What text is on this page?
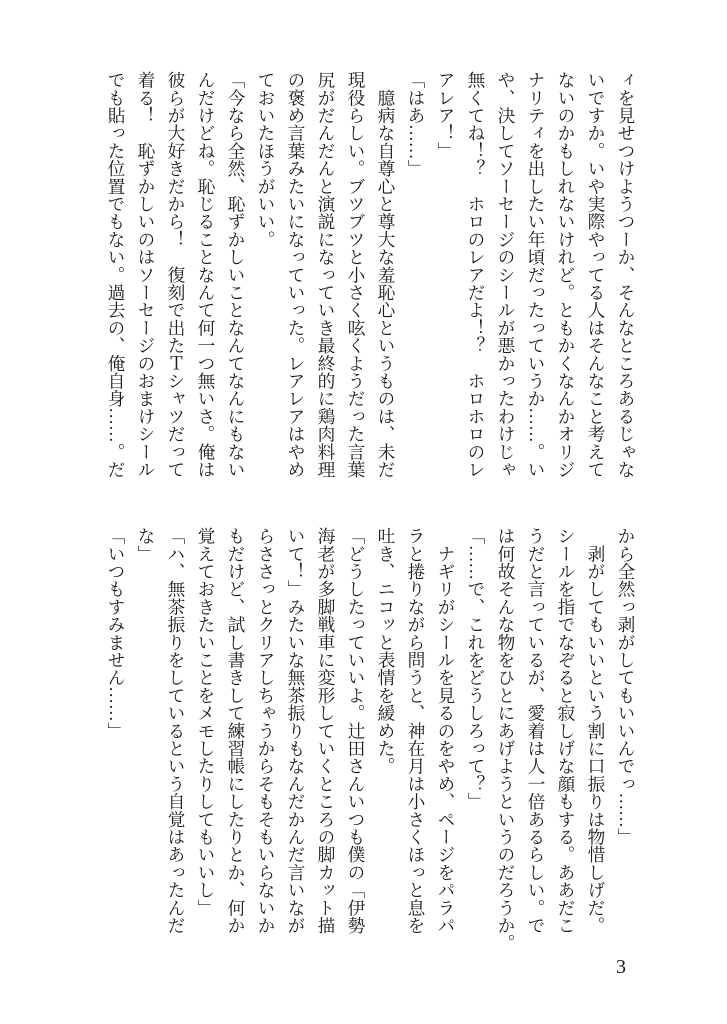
ィを見せつけようつーか、そんなところあるじゃな
いですか。いや実際やってる人はそんなこと考えて
ないのかもしれないけれど。ともかくなんかオリジ
ナリティを出したい年頃だったっていうか……。い
や、決してソーセージのシールが悪かったわけじゃ
無くてね！？　ホロのレアだよ！？　ホロホロのレ
アレア！」
「はあ……」
　臆病な自尊心と尊大な羞恥心というものは、未だ
現役らしい。ブツブツと小さく呟くようだった言葉
尻がだんだんと演説になっていき最終的に鶏肉料理
の褒め言葉みたいになっていった。レアレアはやめ
ておいたほうがいい。
「今なら全然、恥ずかしいことなんてなんにもない
んだけどね。恥じることなんて何一つ無いさ。俺は
彼らが大好きだから！　復刻で出たＴシャツだって
着る！　恥ずかしいのはソーセージのおまけシール
でも貼った位置でもない。過去の、俺自身……。だ
から全然っ剥がしてもいいんでっ……」
　剥がしてもいいという割に口振りは物惜しげだ。
シールを指でなぞると寂しげな顔もする。ああだこ
うだと言っているが、愛着は人一倍あるらしい。で
は何故そんな物をひとにあげようというのだろうか。
「……で、これをどうしろって？」
　ナギリがシールを見るのをやめ、ページをパラパ
ラと捲りながら問うと、神在月は小さくほっと息を
吐き、ニコッと表情を緩めた。
「どうしたっていいよ。辻田さんいつも僕の「伊勢
海老が多脚戦車に変形していくところの脚カット描
いて！」みたいな無茶振りもなんだかんだ言いなが
らささっとクリアしちゃうからそもそもいらないか
もだけど、試し書きして練習帳にしたりとか、何か
覚えておきたいことをメモしたりしてもいいし」
「ハ、無茶振りをしているという自覚はあったんだ
な」
「いつもすみません……」
3
